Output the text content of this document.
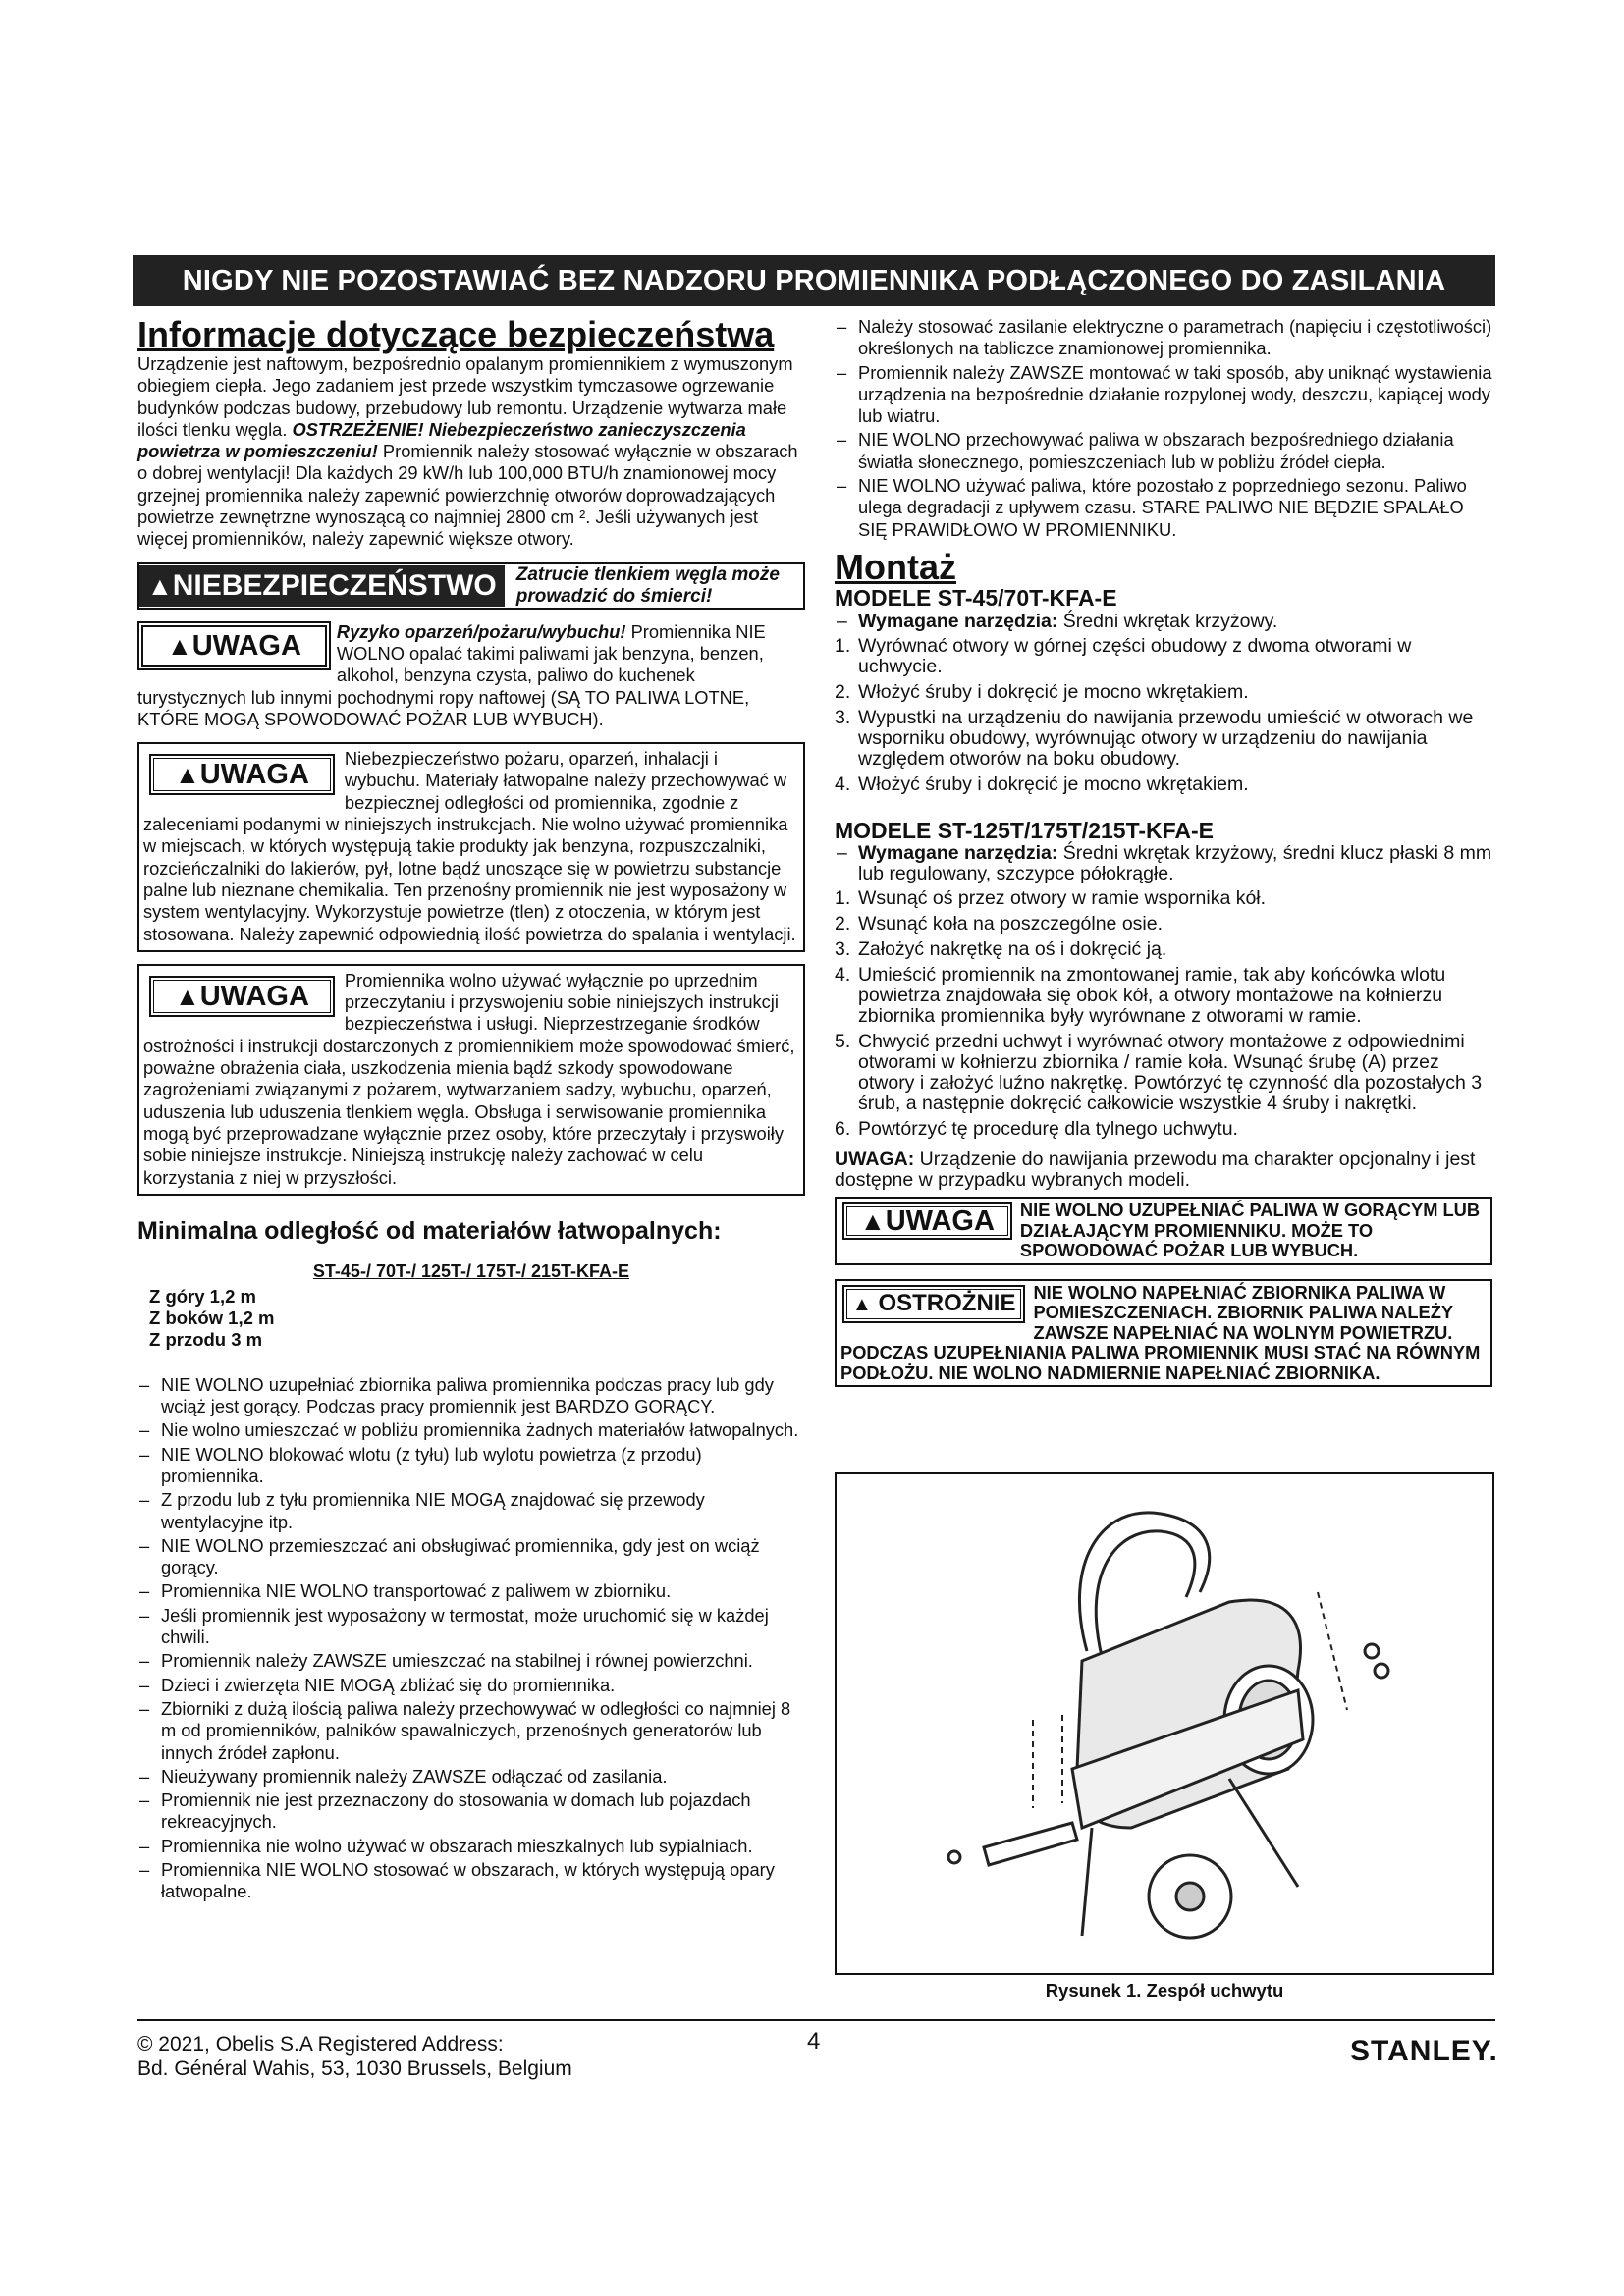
NIGDY NIE POZOSTAWIAĆ BEZ NADZORU PROMIENNIKA PODŁĄCZONEGO DO ZASILANIA
Informacje dotyczące bezpieczeństwa

Urządzenie jest naftowym, bezpośrednio opalanym promiennikiem z wymuszonym obiegiem ciepła. Jego zadaniem jest przede wszystkim tymczasowe ogrzewanie budynków podczas budowy, przebudowy lub remontu. Urządzenie wytwarza małe ilości tlenku węgla. OSTRZEŻENIE! Niebezpieczeństwo zanieczyszczenia powietrza w pomieszczeniu! Promiennik należy stosować wyłącznie w obszarach o dobrej wentylacji! Dla każdych 29 kW/h lub 100,000 BTU/h znamionowej mocy grzejnej promiennika należy zapewnić powierzchnię otworów doprowadzających powietrze zewnętrzne wynoszącą co najmniej 2800 cm ². Jeśli używanych jest więcej promienników, należy zapewnić większe otwory.

▲NIEBEZPIECZEŃSTWO	Zatrucie tlenkiem węgla może prowadzić do śmierci!
▲UWAGA	Ryzyko oparzeń/pożaru/wybuchu! Promiennika NIE WOLNO opalać takimi paliwami jak benzyna, benzen, alkohol, benzyna czysta, paliwo do kuchenek turystycznych lub innymi pochodnymi ropy naftowej (SĄ TO PALIWA LOTNE, KTÓRE MOGĄ SPOWODOWAĆ POŻAR LUB WYBUCH).
▲UWAGA
Niebezpieczeństwo pożaru, oparzeń, inhalacji i wybuchu. Materiały łatwopalne należy przechowywać w bezpiecznej odległości od promiennika, zgodnie z zaleceniami podanymi w niniejszych instrukcjach. Nie wolno używać promiennika w miejscach, w których występują takie produkty jak benzyna, rozpuszczalniki, rozcieńczalniki do lakierów, pył, lotne bądź unoszące się w powietrzu substancje palne lub nieznane chemikalia. Ten przenośny promiennik nie jest wyposażony w system wentylacyjny. Wykorzystuje powietrze (tlen) z otoczenia, w którym jest stosowana. Należy zapewnić odpowiednią ilość powietrza do spalania i wentylacji.
▲UWAGA
Promiennika wolno używać wyłącznie po uprzednim przeczytaniu i przyswojeniu sobie niniejszych instrukcji bezpieczeństwa i usługi. Nieprzestrzeganie środków ostrożności i instrukcji dostarczonych z promiennikiem może spowodować śmierć, poważne obrażenia ciała, uszkodzenia mienia bądź szkody spowodowane zagrożeniami związanymi z pożarem, wytwarzaniem sadzy, wybuchu, oparzeń, uduszenia lub uduszenia tlenkiem węgla. Obsługa i serwisowanie promiennika mogą być przeprowadzane wyłącznie przez osoby, które przeczytały i przyswoiły sobie niniejsze instrukcje. Niniejszą instrukcję należy zachować w celu korzystania z niej w przyszłości.

Minimalna odległość od materiałów łatwopalnych:

ST-45-/ 70T-/ 125T-/ 175T-/ 215T-KFA-E
Z góry 1,2 m
Z boków 1,2 m
Z przodu 3 m
– NIE WOLNO uzupełniać zbiornika paliwa promiennika podczas pracy lub gdy wciąż jest gorący. Podczas pracy promiennik jest BARDZO GORĄCY.
– Nie wolno umieszczać w pobliżu promiennika żadnych materiałów łatwopalnych.
– NIE WOLNO blokować wlotu (z tyłu) lub wylotu powietrza (z przodu) promiennika.
– Z przodu lub z tyłu promiennika NIE MOGĄ znajdować się przewody wentylacyjne itp.
– NIE WOLNO przemieszczać ani obsługiwać promiennika, gdy jest on wciąż gorący.
– Promiennika NIE WOLNO transportować z paliwem w zbiorniku.
– Jeśli promiennik jest wyposażony w termostat, może uruchomić się w każdej chwili.
– Promiennik należy ZAWSZE umieszczać na stabilnej i równej powierzchni.
– Dzieci i zwierzęta NIE MOGĄ zbliżać się do promiennika.
– Zbiorniki z dużą ilością paliwa należy przechowywać w odległości co najmniej 8 m od promienników, palników spawalniczych, przenośnych generatorów lub innych źródeł zapłonu.
– Nieużywany promiennik należy ZAWSZE odłączać od zasilania.
– Promiennik nie jest przeznaczony do stosowania w domach lub pojazdach rekreacyjnych.
– Promiennika nie wolno używać w obszarach mieszkalnych lub sypialniach.
– Promiennika NIE WOLNO stosować w obszarach, w których występują opary łatwopalne.
– Należy stosować zasilanie elektryczne o parametrach (napięciu i częstotliwości) określonych na tabliczce znamionowej promiennika.
– Promiennik należy ZAWSZE montować w taki sposób, aby uniknąć wystawienia urządzenia na bezpośrednie działanie rozpylonej wody, deszczu, kapiącej wody lub wiatru.
– NIE WOLNO przechowywać paliwa w obszarach bezpośredniego działania światła słonecznego, pomieszczeniach lub w pobliżu źródeł ciepła.
– NIE WOLNO używać paliwa, które pozostało z poprzedniego sezonu. Paliwo ulega degradacji z upływem czasu. STARE PALIWO NIE BĘDZIE SPALAŁO SIĘ PRAWIDŁOWO W PROMIENNIKU.
Montaż

MODELE ST-45/70T-KFA-E

– Wymagane narzędzia: Średni wkrętak krzyżowy.
1. Wyrównać otwory w górnej części obudowy z dwoma otworami w uchwycie.
2. Włożyć śruby i dokręcić je mocno wkrętakiem.
3. Wypustki na urządzeniu do nawijania przewodu umieścić w otworach we wsporniku obudowy, wyrównując otwory w urządzeniu do nawijania względem otworów na boku obudowy.
4. Włożyć śruby i dokręcić je mocno wkrętakiem.

MODELE ST-125T/175T/215T-KFA-E

– Wymagane narzędzia: Średni wkrętak krzyżowy, średni klucz płaski 8 mm lub regulowany, szczypce półokrągłe.
1. Wsunąć oś przez otwory w ramie wspornika kół.
2. Wsunąć koła na poszczególne osie.
3. Założyć nakrętkę na oś i dokręcić ją.
4. Umieścić promiennik na zmontowanej ramie, tak aby końcówka wlotu powietrza znajdowała się obok kół, a otwory montażowe na kołnierzu zbiornika promiennika były wyrównane z otworami w ramie.
5. Chwycić przedni uchwyt i wyrównać otwory montażowe z odpowiednimi otworami w kołnierzu zbiornika / ramie koła. Wsunąć śrubę (A) przez otwory i założyć luźno nakrętkę. Powtórzyć tę czynność dla pozostałych 3 śrub, a następnie dokręcić całkowicie wszystkie 4 śruby i nakrętki.
6. Powtórzyć tę procedurę dla tylnego uchwytu.

UWAGA: Urządzenie do nawijania przewodu ma charakter opcjonalny i jest dostępne w przypadku wybranych modeli.

▲UWAGA	NIE WOLNO UZUPEŁNIAĆ PALIWA W GORĄCYM LUB DZIAŁAJĄCYM PROMIENNIKU. MOŻE TO SPOWODOWAĆ POŻAR LUB WYBUCH.
▲ OSTROŻNIE NIE WOLNO NAPEŁNIAĆ ZBIORNIKA PALIWA W POMIESZCZENIACH. ZBIORNIK PALIWA NALEŻY ZAWSZE NAPEŁNIAĆ NA WOLNYM POWIETRZU. PODCZAS UZUPEŁNIANIA PALIWA PROMIENNIK MUSI STAĆ NA RÓWNYM PODŁOŻU. NIE WOLNO NADMIERNIE NAPEŁNIAĆ ZBIORNIKA.
Rysunek 1. Zespół uchwytu
© 2021, Obelis S.A Registered Address:
Bd. Général Wahis, 53, 1030 Brussels, Belgium
4	STANLEY.
